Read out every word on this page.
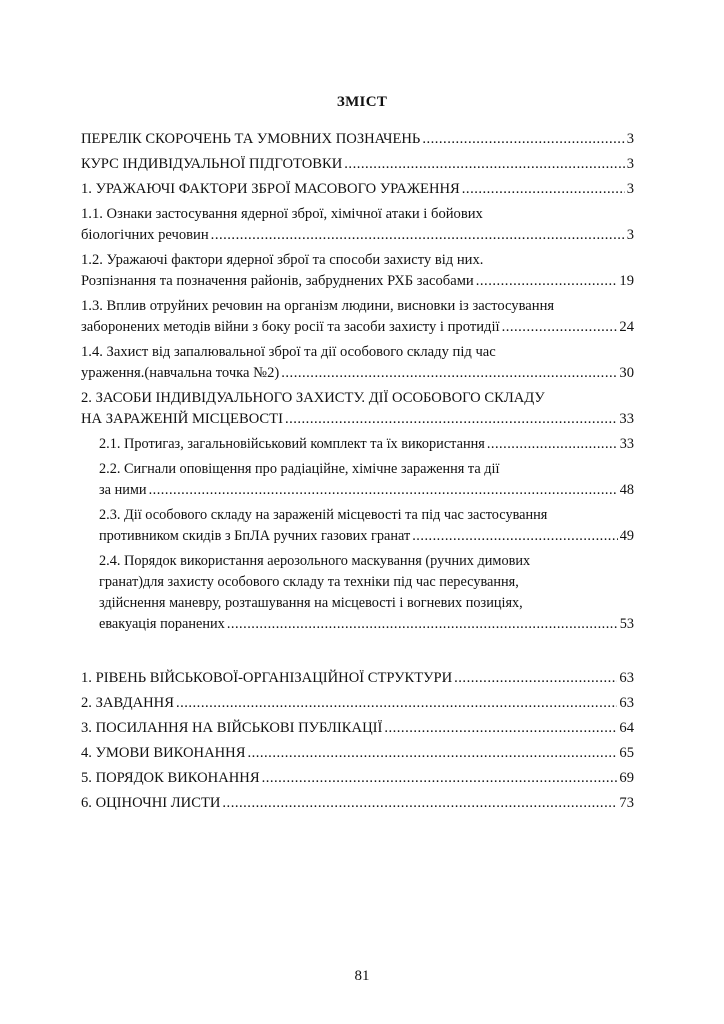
ЗМІСТ
ПЕРЕЛІК СКОРОЧЕНЬ ТА УМОВНИХ ПОЗНАЧЕНЬ .....	3
КУРС ІНДИВІДУАЛЬНОЇ ПІДГОТОВКИ .....	3
1. УРАЖАЮЧІ ФАКТОРИ ЗБРОЇ МАСОВОГО УРАЖЕННЯ .....	3
1.1. Ознаки застосування ядерної зброї, хімічної атаки і бойових
біологічних речовин .....	3
1.2. Уражаючі фактори ядерної зброї та способи захисту від них.
Розпізнання та позначення районів, забруднених РХБ засобами .....	19
1.3. Вплив отруйних речовин на організм людини, висновки із застосування
заборонених методів війни з боку росії та засоби захисту і протидії .....	24
1.4. Захист від запалювальної зброї та дії особового складу під час
ураження.(навчальна точка №2) .....	30
2. ЗАСОБИ ІНДИВІДУАЛЬНОГО ЗАХИСТУ. ДІЇ ОСОБОВОГО СКЛАДУ
НА ЗАРАЖЕНІЙ МІСЦЕВОСТІ .....	33
2.1. Протигаз, загальновійськовий комплект та їх використання .....	33
2.2. Сигнали оповіщення про радіаційне, хімічне зараження та дії
за ними .....	48
2.3. Дії особового складу на зараженій місцевості та під час застосування
противником скидів з БпЛА ручних газових гранат .....	49
2.4. Порядок використання аерозольного маскування (ручних димових
гранат)для захисту особового складу та техніки під час пересування,
здійснення маневру, розташування на місцевості і вогневих позиціях,
евакуація поранених .....	53
1. РІВЕНЬ ВІЙСЬКОВОЇ-ОРГАНІЗАЦІЙНОЇ СТРУКТУРИ .....	63
2. ЗАВДАННЯ .....	63
3. ПОСИЛАННЯ НА ВІЙСЬКОВІ ПУБЛІКАЦІЇ .....	64
4. УМОВИ ВИКОНАННЯ .....	65
5. ПОРЯДОК ВИКОНАННЯ .....	69
6. ОЦІНОЧНІ ЛИСТИ .....	73
81
